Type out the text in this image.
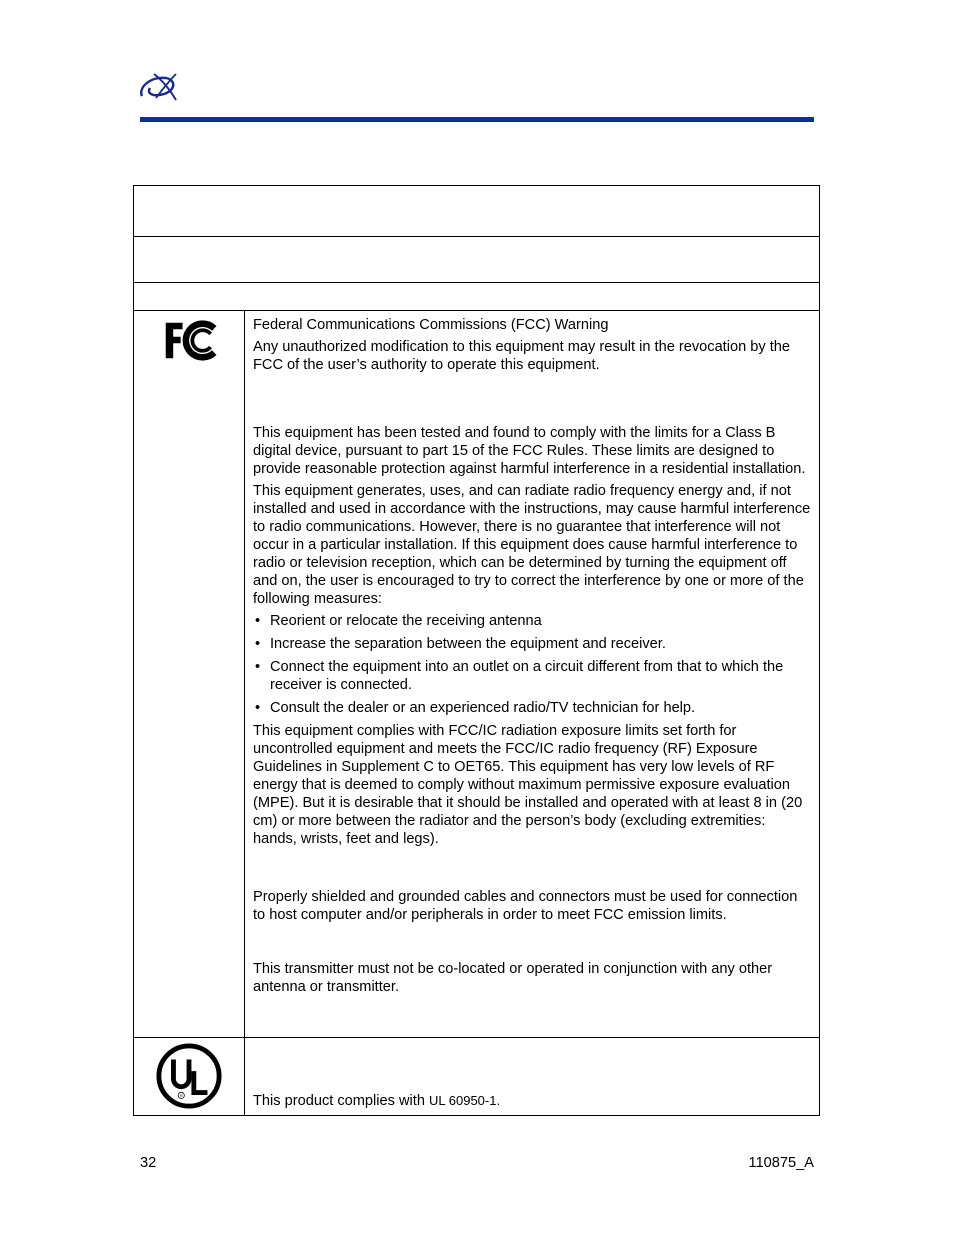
Federal Communications Commissions (FCC) Warning

Any unauthorized modification to this equipment may result in the revocation by the FCC of the user’s authority to operate this equipment.

This equipment has been tested and found to comply with the limits for a Class B digital device, pursuant to part 15 of the FCC Rules. These limits are designed to provide reasonable protection against harmful interference in a residential installation.

This equipment generates, uses, and can radiate radio frequency energy and, if not installed and used in accordance with the instructions, may cause harmful interference to radio communications. However, there is no guarantee that interference will not occur in a particular installation. If this equipment does cause harmful interference to radio or television reception, which can be determined by turning the equipment off and on, the user is encouraged to try to correct the interference by one or more of the following measures:

• Reorient or relocate the receiving antenna
• Increase the separation between the equipment and receiver.
• Connect the equipment into an outlet on a circuit different from that to which the receiver is connected.
• Consult the dealer or an experienced radio/TV technician for help.

This equipment complies with FCC/IC radiation exposure limits set forth for uncontrolled equipment and meets the FCC/IC radio frequency (RF) Exposure Guidelines in Supplement C to OET65. This equipment has very low levels of RF energy that is deemed to comply without maximum permissive exposure evaluation (MPE). But it is desirable that it should be installed and operated with at least 8 in (20 cm) or more between the radiator and the person’s body (excluding extremities: hands, wrists, feet and legs).

Properly shielded and grounded cables and connectors must be used for connection to host computer and/or peripherals in order to meet FCC emission limits.

This transmitter must not be co-located or operated in conjunction with any other antenna or transmitter.

R	This product complies with UL 60950-1.
32	110875_A
